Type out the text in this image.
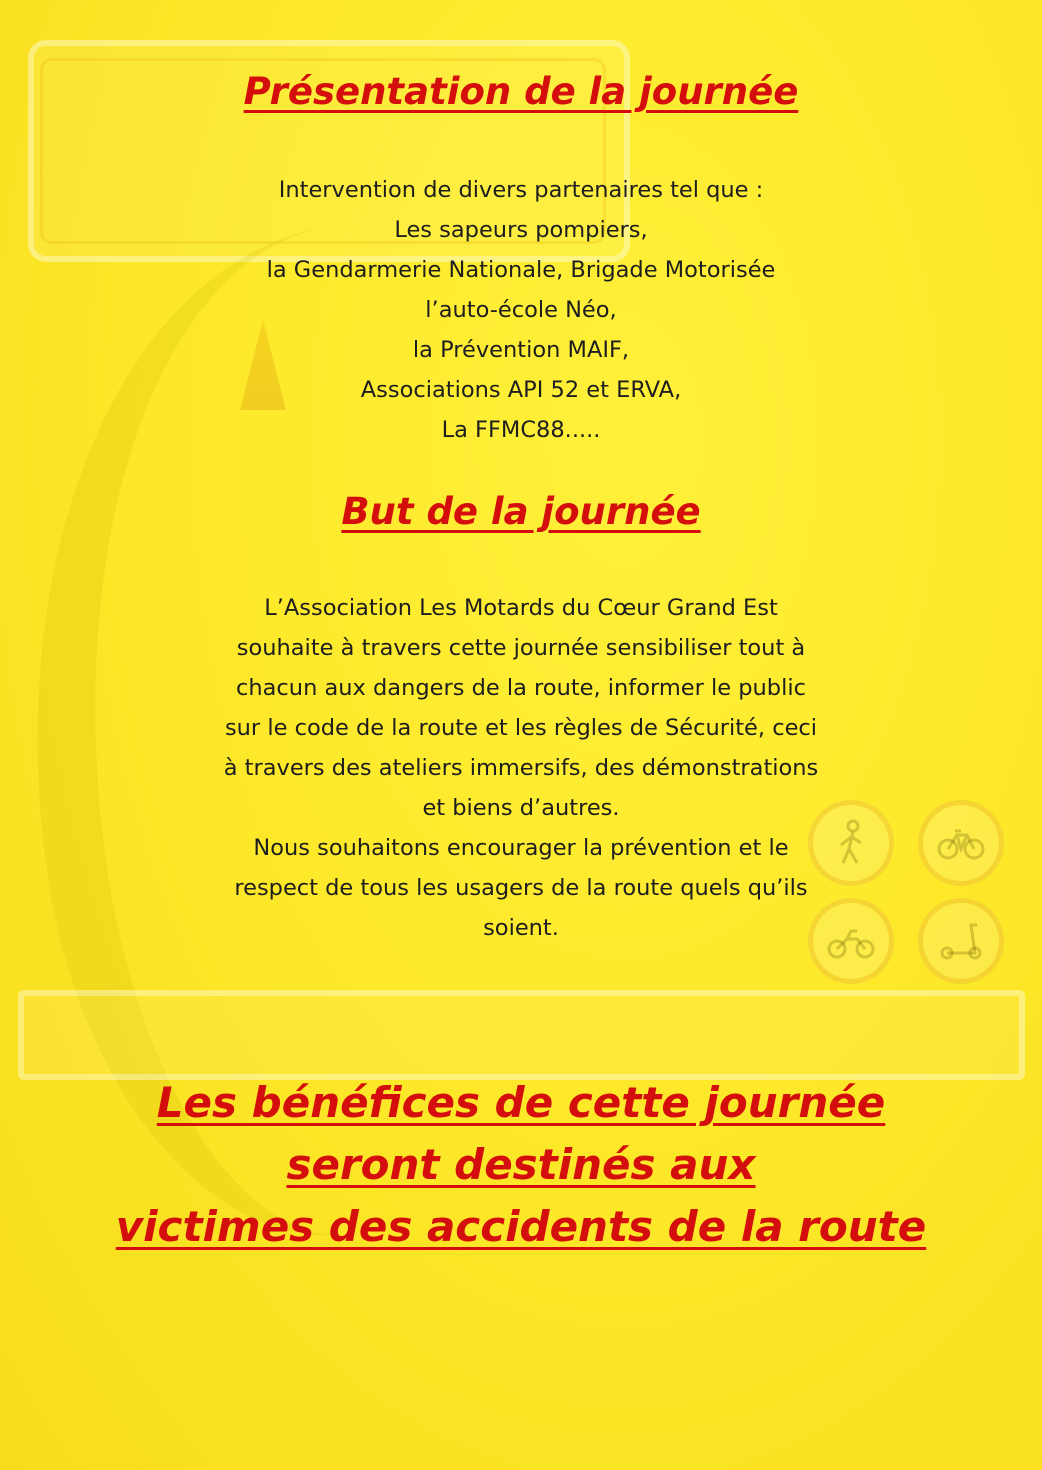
Présentation de la journée
Intervention de divers partenaires tel que :
Les sapeurs pompiers,
la Gendarmerie Nationale, Brigade Motorisée
l’auto-école Néo,
la Prévention MAIF,
Associations API 52 et ERVA,
La FFMC88.....
But de la journée
L’Association Les Motards du Cœur Grand Est
souhaite à travers cette journée sensibiliser tout à
chacun aux dangers de la route, informer le public
sur le code de la route et les règles de Sécurité, ceci
à travers des ateliers immersifs, des démonstrations
et biens d’autres.
Nous souhaitons encourager la prévention et le
respect de tous les usagers de la route quels qu’ils
soient.
Les bénéfices de cette journée
seront destinés aux
victimes des accidents de la route
